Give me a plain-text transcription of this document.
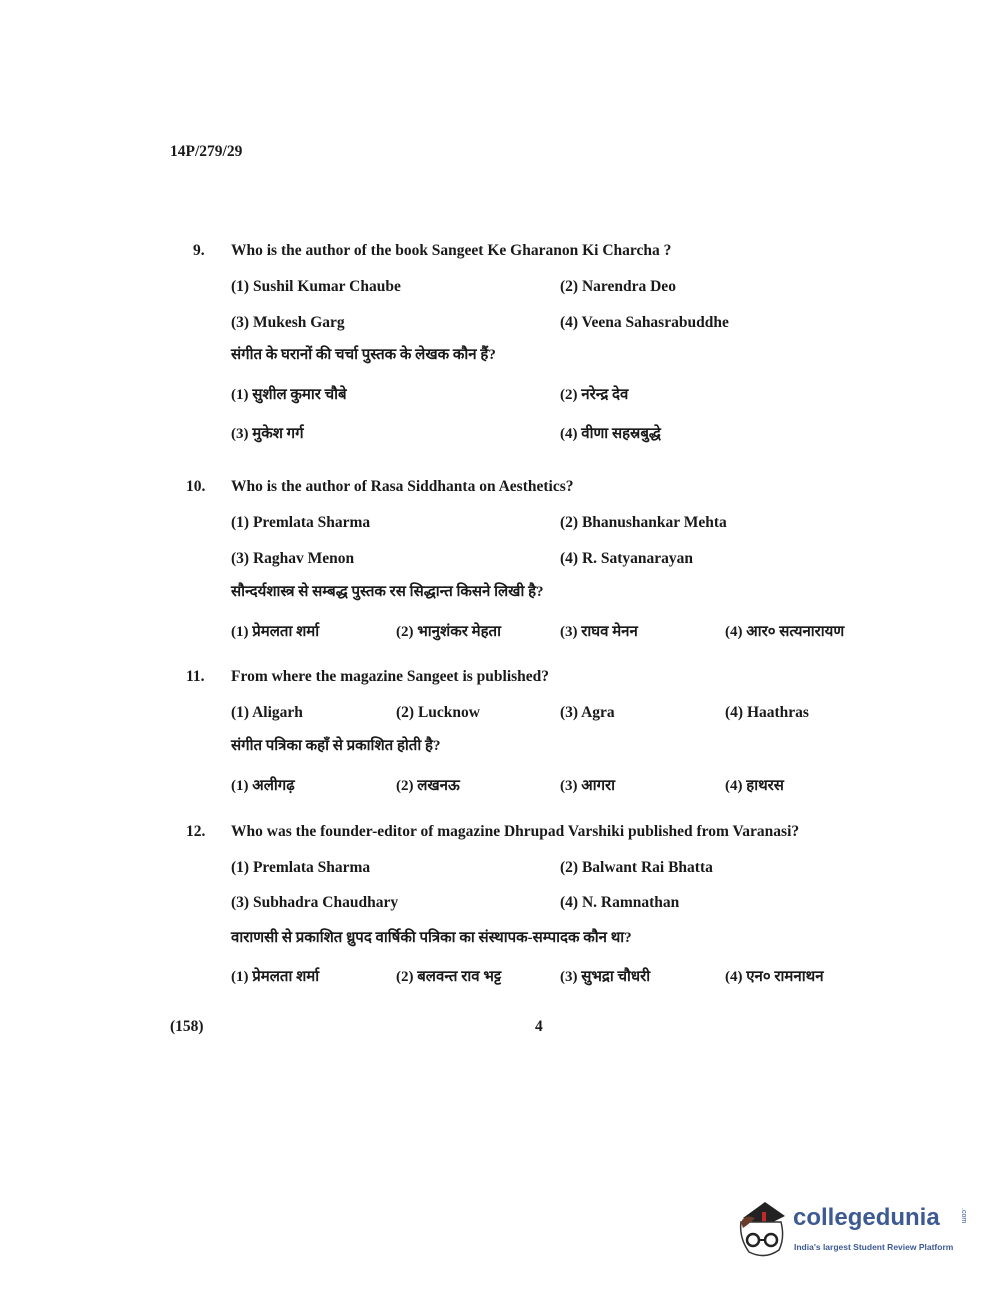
14P/279/29
9. Who is the author of the book Sangeet Ke Gharanon Ki Charcha ?
(1) Sushil Kumar Chaube	(2) Narendra Deo
(3) Mukesh Garg	(4) Veena Sahasrabuddhe
संगीत के घरानों की चर्चा पुस्तक के लेखक कौन हैं?
(1) सुशील कुमार चौबे	(2) नरेन्द्र देव
(3) मुकेश गर्ग	(4) वीणा सहस्रबुद्धे
10. Who is the author of Rasa Siddhanta on Aesthetics?
(1) Premlata Sharma	(2) Bhanushankar Mehta
(3) Raghav Menon	(4) R. Satyanarayan
सौन्दर्यशास्त्र से सम्बद्ध पुस्तक रस सिद्धान्त किसने लिखी है?
(1) प्रेमलता शर्मा	(2) भानुशंकर मेहता	(3) राघव मेनन	(4) आर० सत्यनारायण
11. From where the magazine Sangeet is published?
(1) Aligarh	(2) Lucknow	(3) Agra	(4) Haathras
संगीत पत्रिका कहाँ से प्रकाशित होती है?
(1) अलीगढ़	(2) लखनऊ	(3) आगरा	(4) हाथरस
12. Who was the founder-editor of magazine Dhrupad Varshiki published from Varanasi?
(1) Premlata Sharma	(2) Balwant Rai Bhatta
(3) Subhadra Chaudhary	(4) N. Ramnathan
वाराणसी से प्रकाशित ध्रुपद वार्षिकी पत्रिका का संस्थापक-सम्पादक कौन था?
(1) प्रेमलता शर्मा	(2) बलवन्त राव भट्ट	(3) सुभद्रा चौधरी	(4) एन० रामनाथन
(158)	4
collegedunia	.com
India's largest Student Review Platform
